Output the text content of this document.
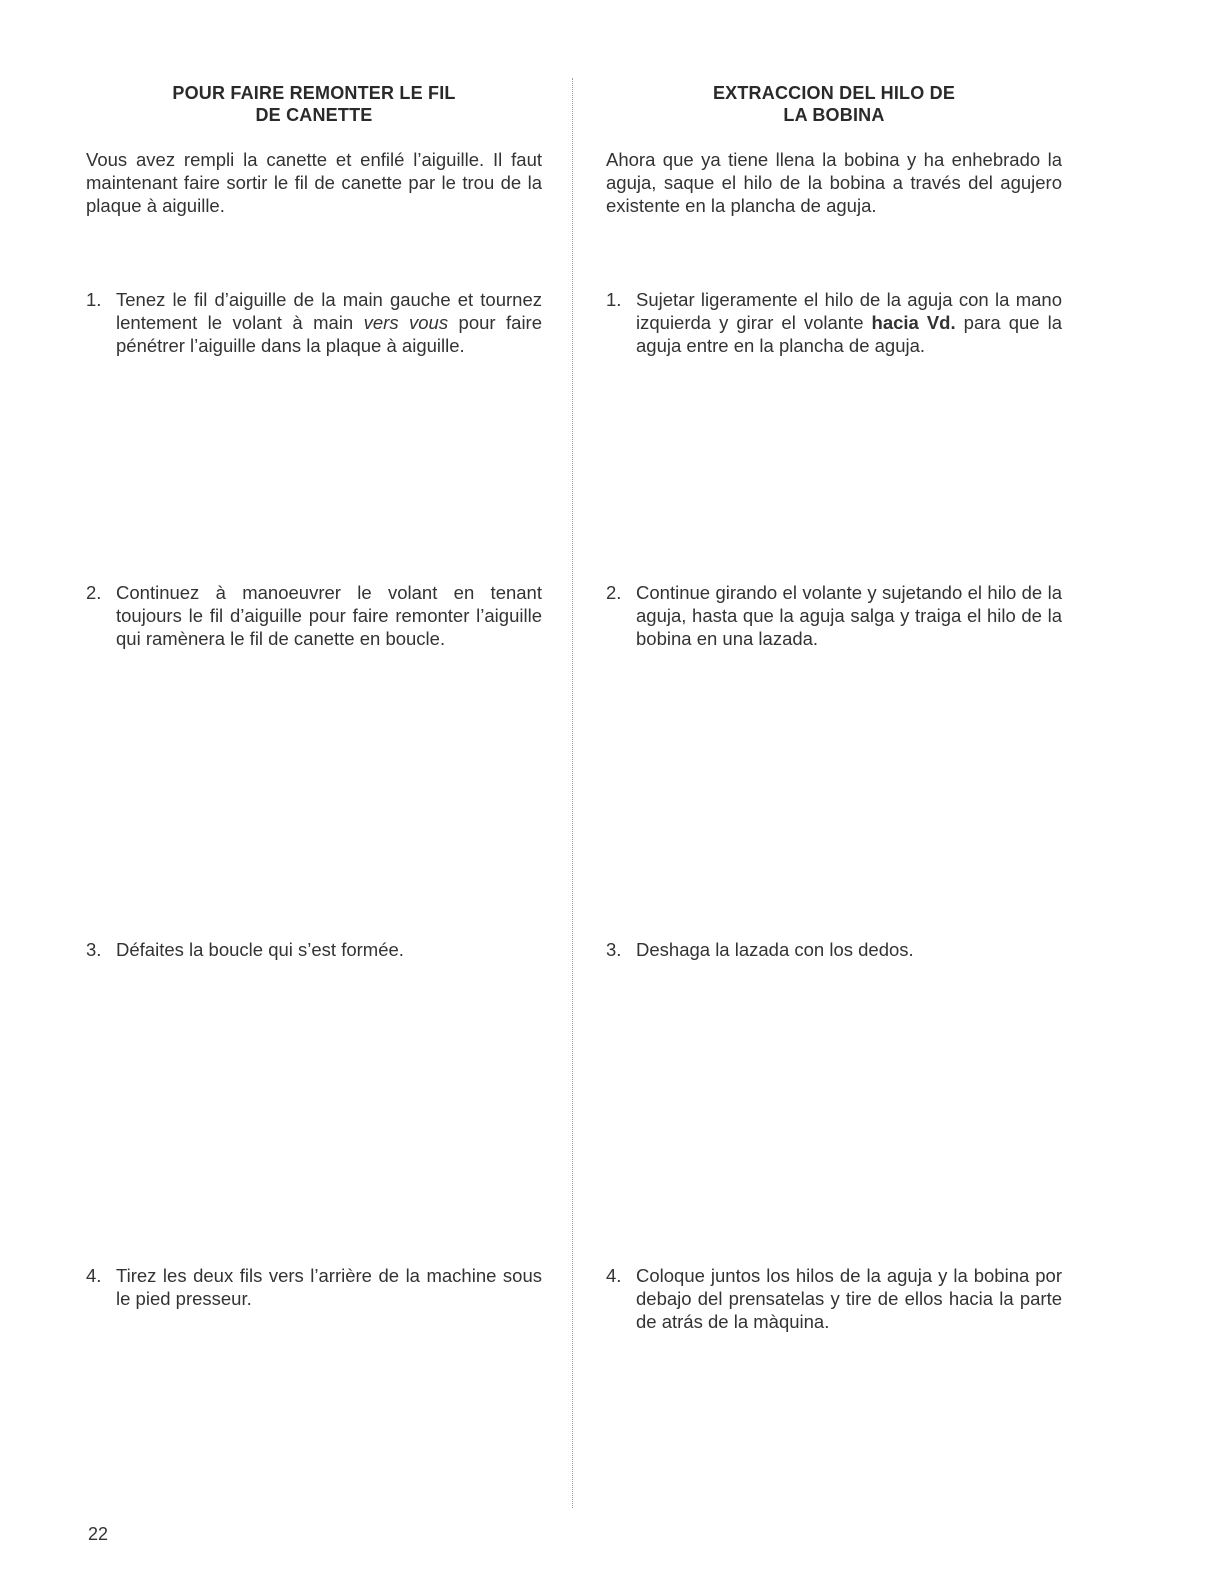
POUR FAIRE REMONTER LE FIL
DE CANETTE
Vous avez rempli la canette et enfilé l’aiguille. Il faut maintenant faire sortir le fil de canette par le trou de la plaque à aiguille.
1. Tenez le fil d’aiguille de la main gauche et tournez lentement le volant à main vers vous pour faire pénétrer l’aiguille dans la plaque à aiguille.
2. Continuez à manoeuvrer le volant en tenant toujours le fil d’aiguille pour faire remonter l’aiguille qui ramènera le fil de canette en boucle.
3. Défaites la boucle qui s’est formée.
4. Tirez les deux fils vers l’arrière de la machine sous le pied presseur.
EXTRACCION DEL HILO DE
LA BOBINA
Ahora que ya tiene llena la bobina y ha enhebrado la aguja, saque el hilo de la bobina a través del agujero existente en la plancha de aguja.
1. Sujetar ligeramente el hilo de la aguja con la mano izquierda y girar el volante hacia Vd. para que la aguja entre en la plancha de aguja.
2. Continue girando el volante y sujetando el hilo de la aguja, hasta que la aguja salga y traiga el hilo de la bobina en una lazada.
3. Deshaga la lazada con los dedos.
4. Coloque juntos los hilos de la aguja y la bobina por debajo del prensatelas y tire de ellos hacia la parte de atrás de la màquina.
22
